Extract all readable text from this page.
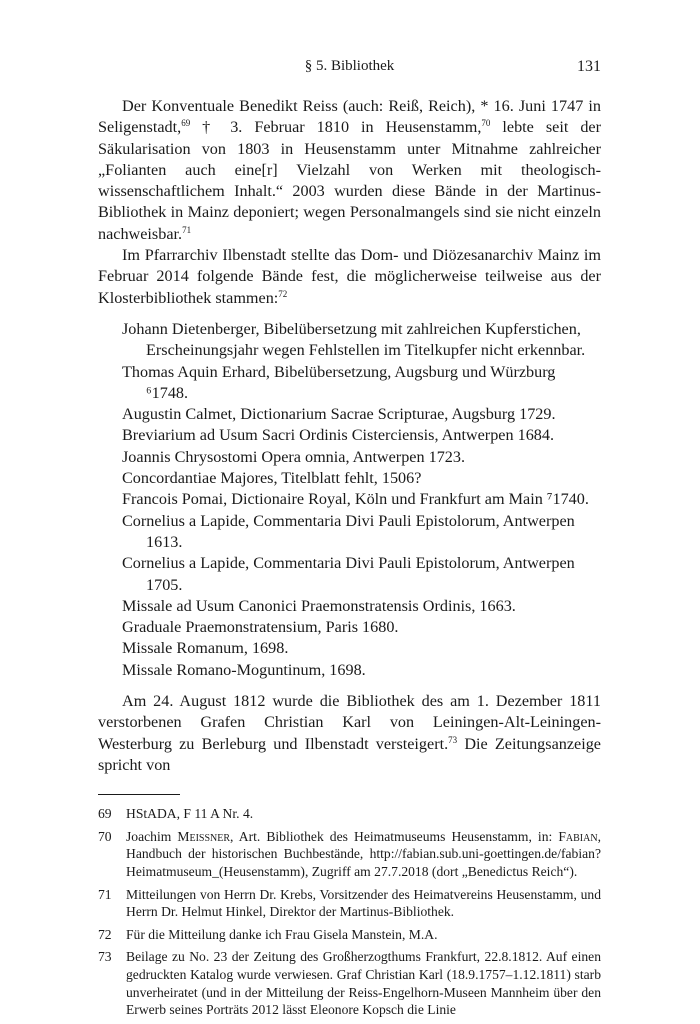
§ 5. Bibliothek	131

Der Konventuale Benedikt Reiss (auch: Reiß, Reich), * 16. Juni 1747 in Seligenstadt,$^{69}$ † 3. Februar 1810 in Heusenstamm,$^{70}$ lebte seit der Säkularisation von 1803 in Heusenstamm unter Mitnahme zahlreicher „Folianten auch eine[r] Vielzahl von Werken mit theologisch-wissenschaftlichem Inhalt.“ 2003 wurden diese Bände in der Martinus-Bibliothek in Mainz deponiert; wegen Personalmangels sind sie nicht einzeln nachweisbar.$^{71}$

Im Pfarrarchiv Ilbenstadt stellte das Dom- und Diözesanarchiv Mainz im Februar 2014 folgende Bände fest, die möglicherweise teilweise aus der Klosterbibliothek stammen:$^{72}$

Johann Dietenberger, Bibelübersetzung mit zahlreichen Kupferstichen, Erscheinungsjahr wegen Fehlstellen im Titelkupfer nicht erkennbar.
Thomas Aquin Erhard, Bibelübersetzung, Augsburg und Würzburg ⁶1748.
Augustin Calmet, Dictionarium Sacrae Scripturae, Augsburg 1729.
Breviarium ad Usum Sacri Ordinis Cisterciensis, Antwerpen 1684.
Joannis Chrysostomi Opera omnia, Antwerpen 1723.
Concordantiae Majores, Titelblatt fehlt, 1506?
Francois Pomai, Dictionaire Royal, Köln und Frankfurt am Main ⁷1740.
Cornelius a Lapide, Commentaria Divi Pauli Epistolorum, Antwerpen 1613.
Cornelius a Lapide, Commentaria Divi Pauli Epistolorum, Antwerpen 1705.
Missale ad Usum Canonici Praemonstratensis Ordinis, 1663.
Graduale Praemonstratensium, Paris 1680.
Missale Romanum, 1698.
Missale Romano-Moguntinum, 1698.

Am 24. August 1812 wurde die Bibliothek des am 1. Dezember 1811 verstorbenen Grafen Christian Karl von Leiningen-Alt-Leiningen-Westerburg zu Berleburg und Ilbenstadt versteigert.$^{73}$ Die Zeitungsanzeige spricht von

69 HStADA, F 11 A Nr. 4.
70 Joachim Meissner, Art. Bibliothek des Heimatmuseums Heusenstamm, in: Fabian, Handbuch der historischen Buchbestände, http://fabian.sub.uni-goettingen.de/fabian?Heimatmuseum_(Heusenstamm), Zugriff am 27.7.2018 (dort „Benedictus Reich“).
71 Mitteilungen von Herrn Dr. Krebs, Vorsitzender des Heimatvereins Heusenstamm, und Herrn Dr. Helmut Hinkel, Direktor der Martinus-Bibliothek.
72 Für die Mitteilung danke ich Frau Gisela Manstein, M.A.
73 Beilage zu No. 23 der Zeitung des Großherzogthums Frankfurt, 22.8.1812. Auf einen gedruckten Katalog wurde verwiesen. Graf Christian Karl (18.9.1757–1.12.1811) starb unverheiratet (und in der Mitteilung der Reiss-Engelhorn-Museen Mannheim über den Erwerb seines Porträts 2012 lässt Eleonore Kopsch die Linie
